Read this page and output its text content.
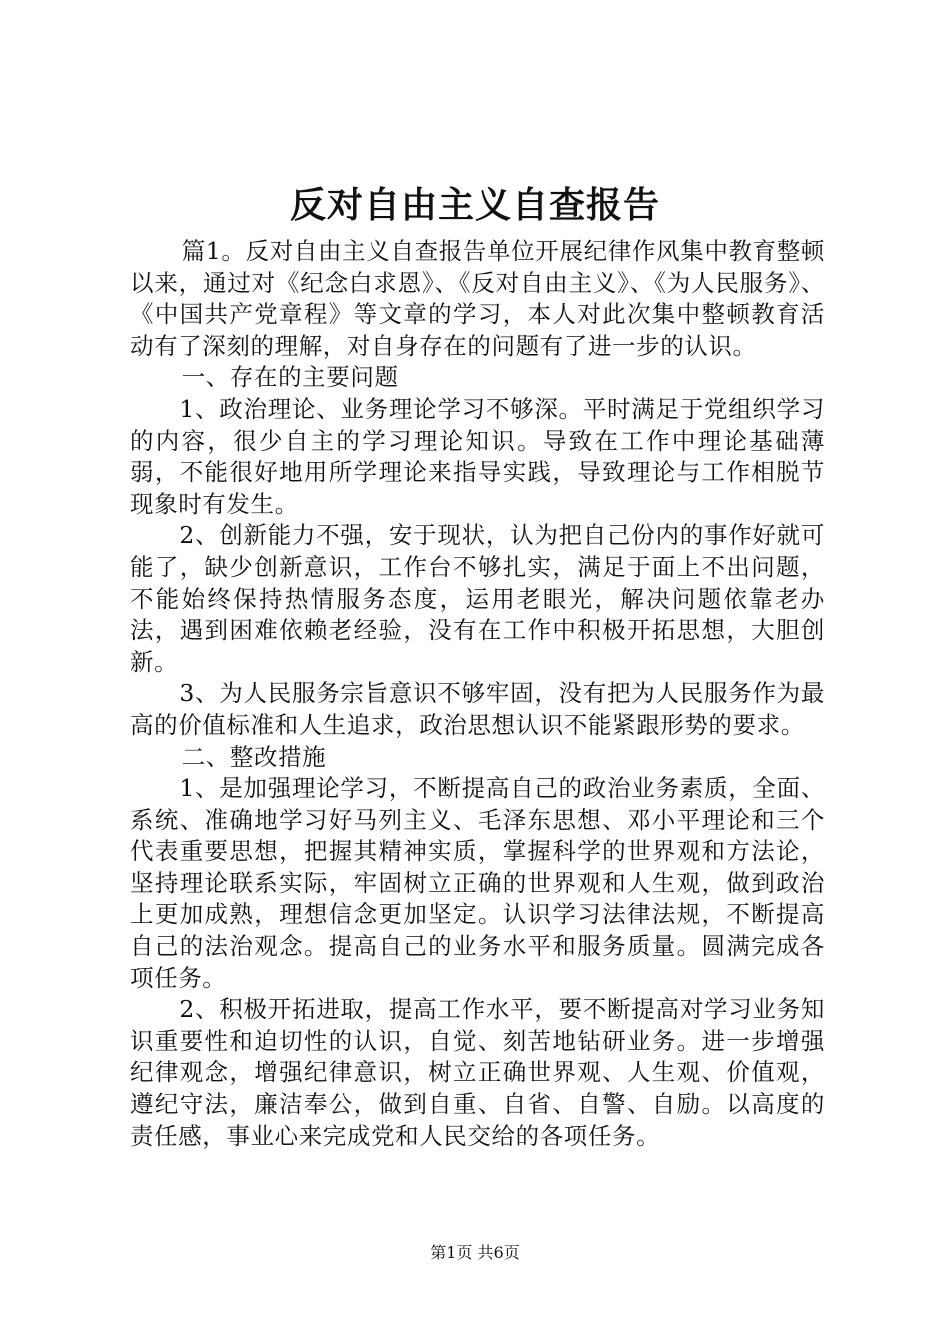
反对自由主义自查报告

篇1。反对自由主义自查报告单位开展纪律作风集中教育整顿以来，通过对《纪念白求恩》、《反对自由主义》、《为人民服务》、《中国共产党章程》等文章的学习，本人对此次集中整顿教育活动有了深刻的理解，对自身存在的问题有了进一步的认识。

一、存在的主要问题

1、政治理论、业务理论学习不够深。平时满足于党组织学习的内容，很少自主的学习理论知识。导致在工作中理论基础薄弱，不能很好地用所学理论来指导实践，导致理论与工作相脱节现象时有发生。

2、创新能力不强，安于现状，认为把自己份内的事作好就可能了，缺少创新意识，工作台不够扎实，满足于面上不出问题，不能始终保持热情服务态度，运用老眼光，解决问题依靠老办法，遇到困难依赖老经验，没有在工作中积极开拓思想，大胆创新。

3、为人民服务宗旨意识不够牢固，没有把为人民服务作为最高的价值标准和人生追求，政治思想认识不能紧跟形势的要求。

二、整改措施

1、是加强理论学习，不断提高自己的政治业务素质，全面、系统、准确地学习好马列主义、毛泽东思想、邓小平理论和三个代表重要思想，把握其精神实质，掌握科学的世界观和方法论，坚持理论联系实际，牢固树立正确的世界观和人生观，做到政治上更加成熟，理想信念更加坚定。认识学习法律法规，不断提高自己的法治观念。提高自己的业务水平和服务质量。圆满完成各项任务。

2、积极开拓进取，提高工作水平，要不断提高对学习业务知识重要性和迫切性的认识，自觉、刻苦地钻研业务。进一步增强纪律观念，增强纪律意识，树立正确世界观、人生观、价值观，遵纪守法，廉洁奉公，做到自重、自省、自警、自励。以高度的责任感，事业心来完成党和人民交给的各项任务。

第1页 共6页
